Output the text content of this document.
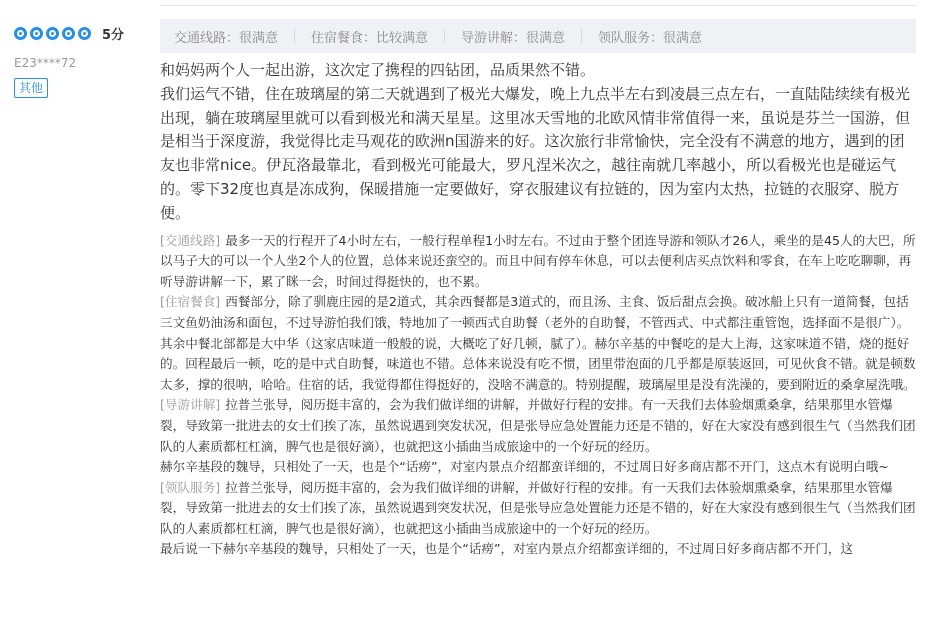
5分
E23****72
其他
交通线路：很满意	住宿餐食：比较满意	导游讲解：很满意	领队服务：很满意

和妈妈两个人一起出游，这次定了携程的四钻团，品质果然不错。

我们运气不错，住在玻璃屋的第二天就遇到了极光大爆发，晚上九点半左右到凌晨三点左右，一直陆陆续续有极光出现，躺在玻璃屋里就可以看到极光和满天星星。这里冰天雪地的北欧风情非常值得一来，虽说是芬兰一国游，但是相当于深度游，我觉得比走马观花的欧洲n国游来的好。这次旅行非常愉快，完全没有不满意的地方，遇到的团友也非常nice。伊瓦洛最靠北，看到极光可能最大，罗凡涅米次之，越往南就几率越小，所以看极光也是碰运气的。零下32度也真是冻成狗，保暖措施一定要做好，穿衣服建议有拉链的，因为室内太热，拉链的衣服穿、脱方便。

[交通线路] 最多一天的行程开了4小时左右，一般行程单程1小时左右。不过由于整个团连导游和领队才26人，乘坐的是45人的大巴，所以马子大的可以一个人坐2个人的位置，总体来说还蛮空的。而且中间有停车休息，可以去便利店买点饮料和零食，在车上吃吃聊聊，再听导游讲解一下，累了眯一会，时间过得挺快的，也不累。

[住宿餐食] 西餐部分，除了驯鹿庄园的是2道式，其余西餐都是3道式的，而且汤、主食、饭后甜点会换。破冰船上只有一道简餐，包括三文鱼奶油汤和面包，不过导游怕我们饿，特地加了一顿西式自助餐（老外的自助餐，不管西式、中式都注重管饱，选择面不是很广）。其余中餐北部都是大中华（这家店味道一般般的说，大概吃了好几顿，腻了）。赫尔辛基的中餐吃的是大上海，这家味道不错，烧的挺好的。回程最后一顿，吃的是中式自助餐，味道也不错。总体来说没有吃不惯，团里带泡面的几乎都是原装返回，可见伙食不错。就是顿数太多，撑的很呐，哈哈。住宿的话，我觉得都住得挺好的，没啥不满意的。特别提醒，玻璃屋里是没有洗澡的，要到附近的桑拿屋洗哦。

[导游讲解] 拉普兰张导，阅历挺丰富的，会为我们做详细的讲解，并做好行程的安排。有一天我们去体验烟熏桑拿，结果那里水管爆裂，导致第一批进去的女士们挨了冻，虽然说遇到突发状况，但是张导应急处置能力还是不错的，好在大家没有感到很生气（当然我们团队的人素质都杠杠滴，脾气也是很好滴），也就把这小插曲当成旅途中的一个好玩的经历。

赫尔辛基段的魏导，只相处了一天，也是个“话痨”，对室内景点介绍都蛮详细的，不过周日好多商店都不开门，这点木有说明白哦~

[领队服务] 拉普兰张导，阅历挺丰富的，会为我们做详细的讲解，并做好行程的安排。有一天我们去体验烟熏桑拿，结果那里水管爆裂，导致第一批进去的女士们挨了冻，虽然说遇到突发状况，但是张导应急处置能力还是不错的，好在大家没有感到很生气（当然我们团队的人素质都杠杠滴，脾气也是很好滴），也就把这小插曲当成旅途中的一个好玩的经历。

最后说一下赫尔辛基段的魏导，只相处了一天，也是个“话痨”，对室内景点介绍都蛮详细的，不过周日好多商店都不开门，这
